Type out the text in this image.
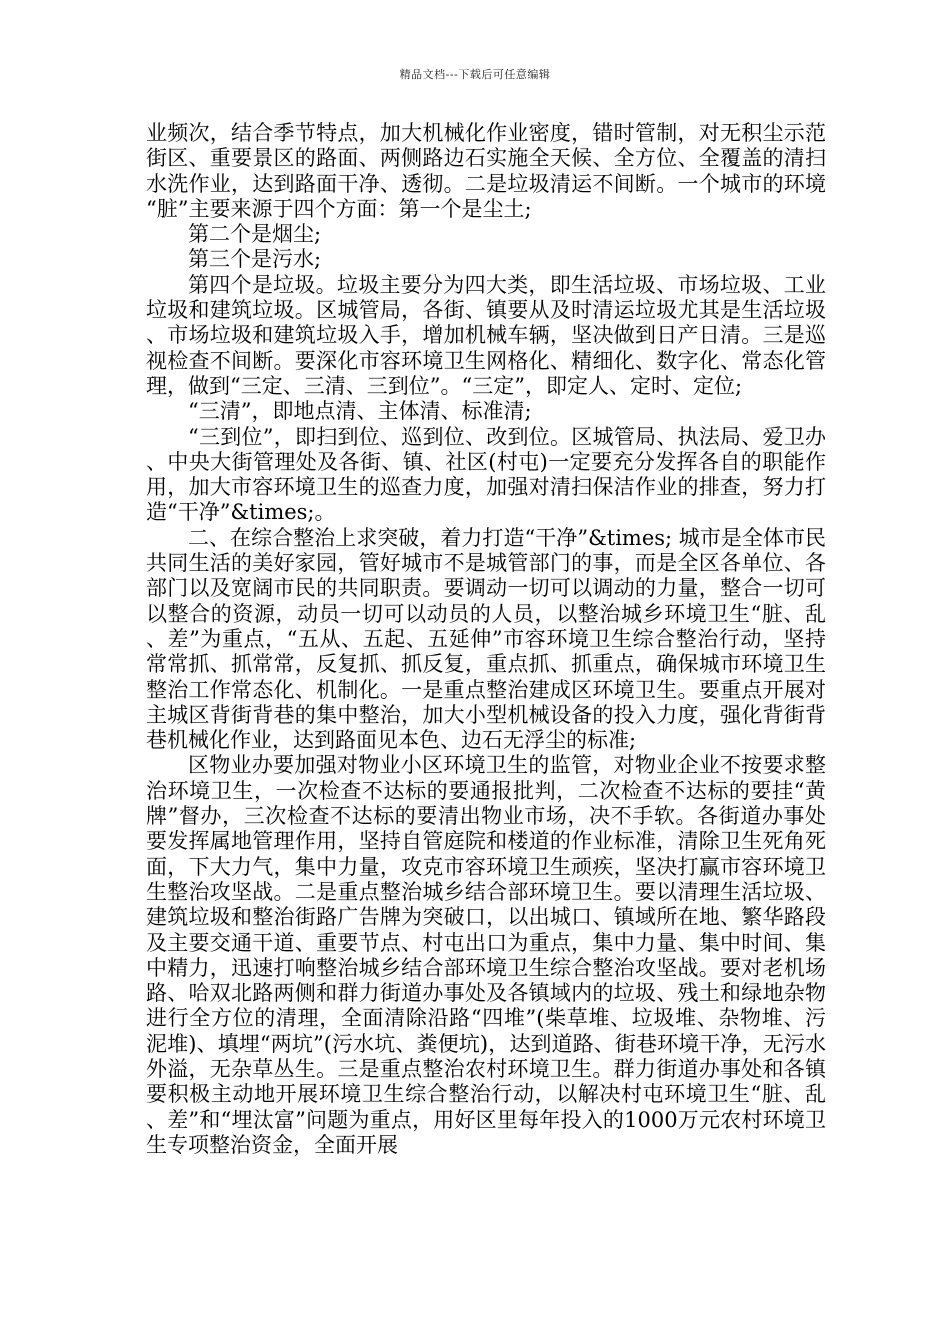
精品文档---下载后可任意编辑

业频次，结合季节特点，加大机械化作业密度，错时管制，对无积尘示范街区、重要景区的路面、两侧路边石实施全天候、全方位、全覆盖的清扫水洗作业，达到路面干净、透彻。二是垃圾清运不间断。一个城市的环境“脏”主要来源于四个方面：第一个是尘土;

第二个是烟尘;

第三个是污水;

第四个是垃圾。垃圾主要分为四大类，即生活垃圾、市场垃圾、工业垃圾和建筑垃圾。区城管局，各街、镇要从及时清运垃圾尤其是生活垃圾、市场垃圾和建筑垃圾入手，增加机械车辆，坚决做到日产日清。三是巡视检查不间断。要深化市容环境卫生网格化、精细化、数字化、常态化管理，做到“三定、三清、三到位”。“三定”，即定人、定时、定位;

“三清”，即地点清、主体清、标准清;

“三到位”，即扫到位、巡到位、改到位。区城管局、执法局、爱卫办、中央大街管理处及各街、镇、社区(村屯)一定要充分发挥各自的职能作用，加大市容环境卫生的巡查力度，加强对清扫保洁作业的排查，努力打造“干净”&times;。

二、在综合整治上求突破，着力打造“干净”&times; 城市是全体市民共同生活的美好家园，管好城市不是城管部门的事，而是全区各单位、各部门以及宽阔市民的共同职责。要调动一切可以调动的力量，整合一切可以整合的资源，动员一切可以动员的人员，以整治城乡环境卫生“脏、乱、差”为重点，“五从、五起、五延伸”市容环境卫生综合整治行动，坚持常常抓、抓常常，反复抓、抓反复，重点抓、抓重点，确保城市环境卫生整治工作常态化、机制化。一是重点整治建成区环境卫生。要重点开展对主城区背街背巷的集中整治，加大小型机械设备的投入力度，强化背街背巷机械化作业，达到路面见本色、边石无浮尘的标准;

区物业办要加强对物业小区环境卫生的监管，对物业企业不按要求整治环境卫生，一次检查不达标的要通报批判，二次检查不达标的要挂“黄牌”督办，三次检查不达标的要清出物业市场，决不手软。各街道办事处要发挥属地管理作用，坚持自管庭院和楼道的作业标准，清除卫生死角死面，下大力气，集中力量，攻克市容环境卫生顽疾，坚决打赢市容环境卫生整治攻坚战。二是重点整治城乡结合部环境卫生。要以清理生活垃圾、建筑垃圾和整治街路广告牌为突破口，以出城口、镇域所在地、繁华路段及主要交通干道、重要节点、村屯出口为重点，集中力量、集中时间、集中精力，迅速打响整治城乡结合部环境卫生综合整治攻坚战。要对老机场路、哈双北路两侧和群力街道办事处及各镇域内的垃圾、残土和绿地杂物进行全方位的清理，全面清除沿路“四堆”(柴草堆、垃圾堆、杂物堆、污泥堆)、填埋“两坑”(污水坑、粪便坑)，达到道路、街巷环境干净，无污水外溢，无杂草丛生。三是重点整治农村环境卫生。群力街道办事处和各镇要积极主动地开展环境卫生综合整治行动，以解决村屯环境卫生“脏、乱、差”和“埋汰富”问题为重点，用好区里每年投入的1000万元农村环境卫生专项整治资金，全面开展
